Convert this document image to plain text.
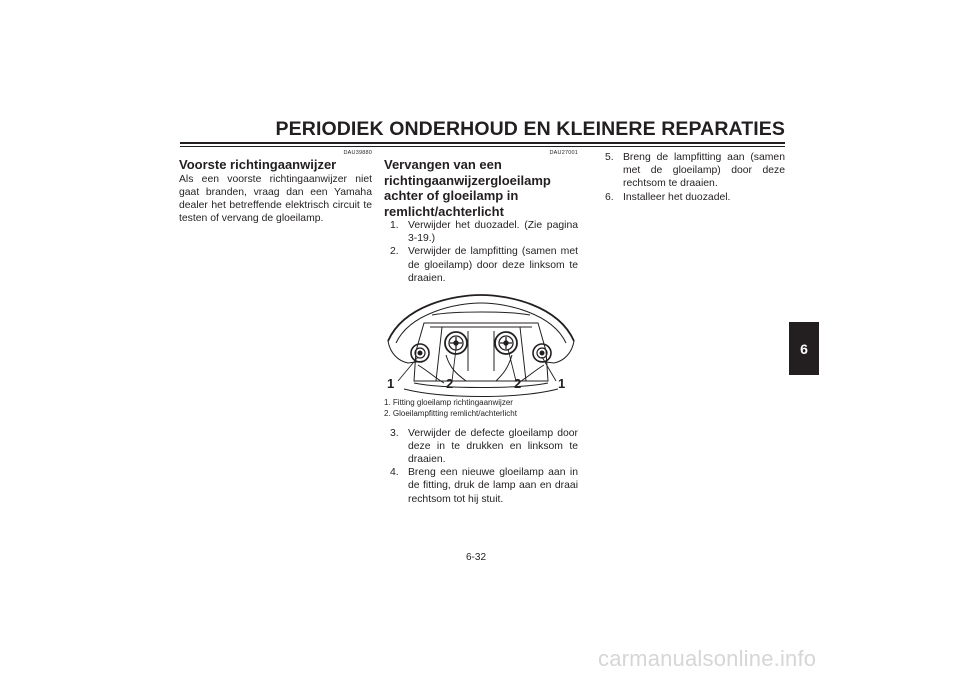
PERIODIEK ONDERHOUD EN KLEINERE REPARATIES
DAU39880
Voorste richtingaanwijzer

Als een voorste richtingaanwijzer niet gaat branden, vraag dan een Yamaha dealer het betreffende elektrisch circuit te testen of vervang de gloeilamp.

DAU27001
Vervangen van een richtingaanwijzergloeilamp achter of gloeilamp in remlicht/achterlicht
1. Verwijder het duozadel. (Zie pagina 3-19.)
2. Verwijder de lampfitting (samen met de gloeilamp) door deze linksom te draaien.
1	2	2	1
1. Fitting gloeilamp richtingaanwijzer
2. Gloeilampfitting remlicht/achterlicht
3. Verwijder de defecte gloeilamp door deze in te drukken en linksom te draaien.
4. Breng een nieuwe gloeilamp aan in de fitting, druk de lamp aan en draai rechtsom tot hij stuit.
5. Breng de lampfitting aan (samen met de gloeilamp) door deze rechtsom te draaien.
6. Installeer het duozadel.
6
6-32
carmanualsonline.info
